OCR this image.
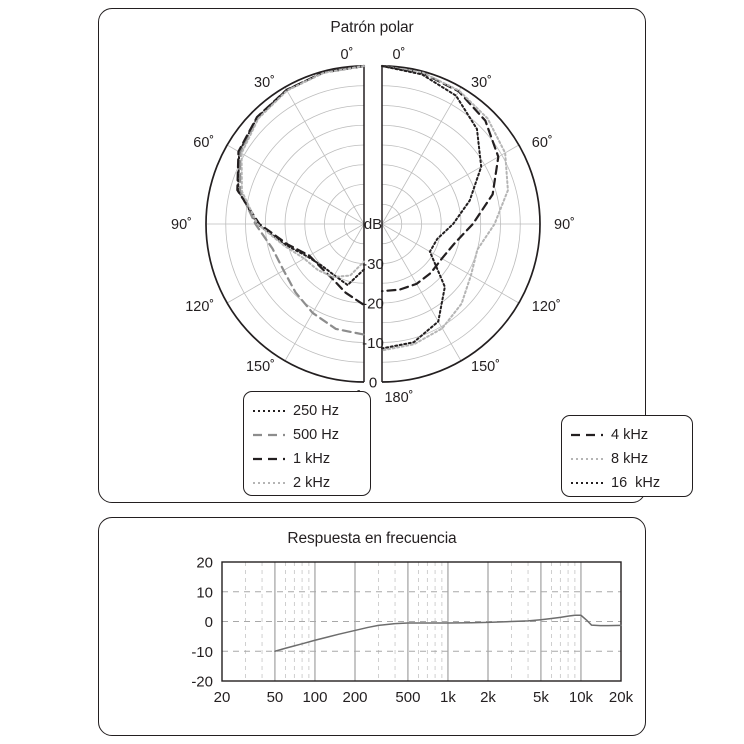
Patrón polar
0˚
30˚
60˚
90˚
120˚
150˚
0˚
30˚
60˚
90˚
120˚
150˚
180˚
dB
-30
-20
-10
0
250 Hz
500 Hz
1 kHz
2 kHz
4 kHz
8 kHz
16  kHz
Respuesta en frecuencia
20
10
0
-10
-20
20 50 100 200 500 1k 2k 5k 10k 20k
